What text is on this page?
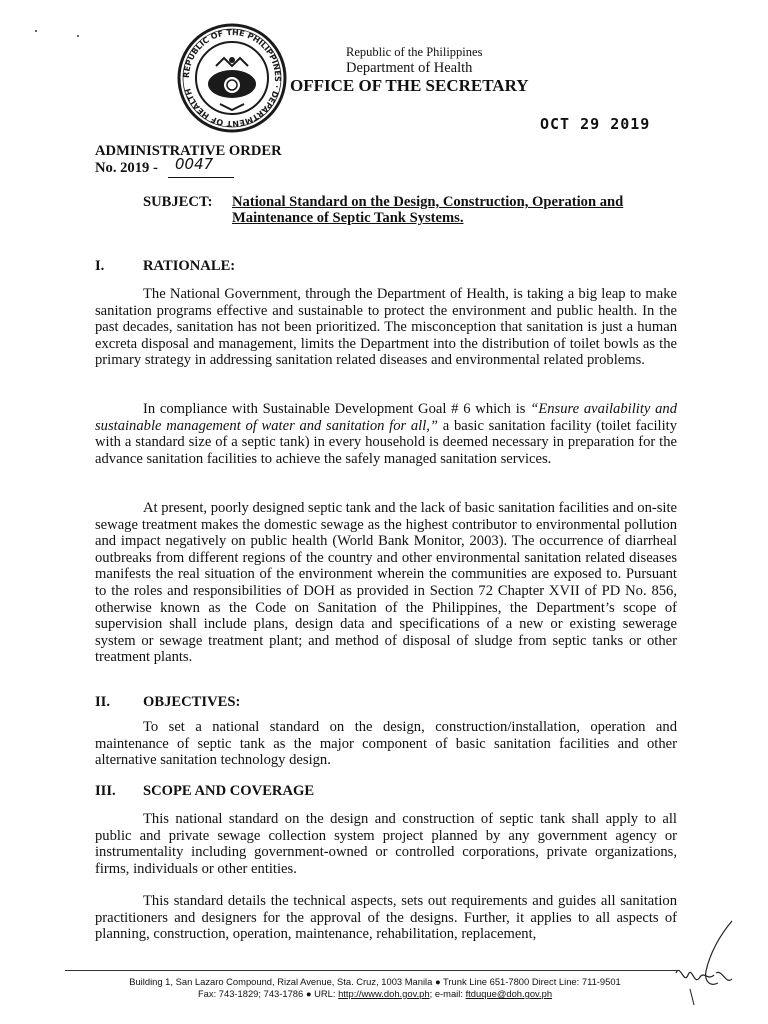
REPUBLIC OF THE PHILIPPINES · DEPARTMENT OF HEALTH
Republic of the Philippines
Department of Health
OFFICE OF THE SECRETARY
OCT 29 2019
ADMINISTRATIVE ORDER
No. 2019 - 0047
SUBJECT: National Standard on the Design, Construction, Operation and
Maintenance of Septic Tank Systems.
I.	RATIONALE:

The National Government, through the Department of Health, is taking a big leap to make sanitation programs effective and sustainable to protect the environment and public health. In the past decades, sanitation has not been prioritized. The misconception that sanitation is just a human excreta disposal and management, limits the Department into the distribution of toilet bowls as the primary strategy in addressing sanitation related diseases and environmental related problems.

In compliance with Sustainable Development Goal # 6 which is “Ensure availability and sustainable management of water and sanitation for all,” a basic sanitation facility (toilet facility with a standard size of a septic tank) in every household is deemed necessary in preparation for the advance sanitation facilities to achieve the safely managed sanitation services.

At present, poorly designed septic tank and the lack of basic sanitation facilities and on-site sewage treatment makes the domestic sewage as the highest contributor to environmental pollution and impact negatively on public health (World Bank Monitor, 2003). The occurrence of diarrheal outbreaks from different regions of the country and other environmental sanitation related diseases manifests the real situation of the environment wherein the communities are exposed to. Pursuant to the roles and responsibilities of DOH as provided in Section 72 Chapter XVII of PD No. 856, otherwise known as the Code on Sanitation of the Philippines, the Department’s scope of supervision shall include plans, design data and specifications of a new or existing sewerage system or sewage treatment plant; and method of disposal of sludge from septic tanks or other treatment plants.

II. OBJECTIVES:

To set a national standard on the design, construction/installation, operation and maintenance of septic tank as the major component of basic sanitation facilities and other alternative sanitation technology design.

III. SCOPE AND COVERAGE

This national standard on the design and construction of septic tank shall apply to all public and private sewage collection system project planned by any government agency or instrumentality including government-owned or controlled corporations, private organizations, firms, individuals or other entities.

This standard details the technical aspects, sets out requirements and guides all sanitation practitioners and designers for the approval of the designs. Further, it applies to all aspects of planning, construction, operation, maintenance, rehabilitation, replacement,

Building 1, San Lazaro Compound, Rizal Avenue, Sta. Cruz, 1003 Manila ● Trunk Line 651-7800 Direct Line: 711-9501
Fax: 743-1829; 743-1786 ● URL: http://www.doh.gov.ph; e-mail: ftduque@doh.gov.ph
